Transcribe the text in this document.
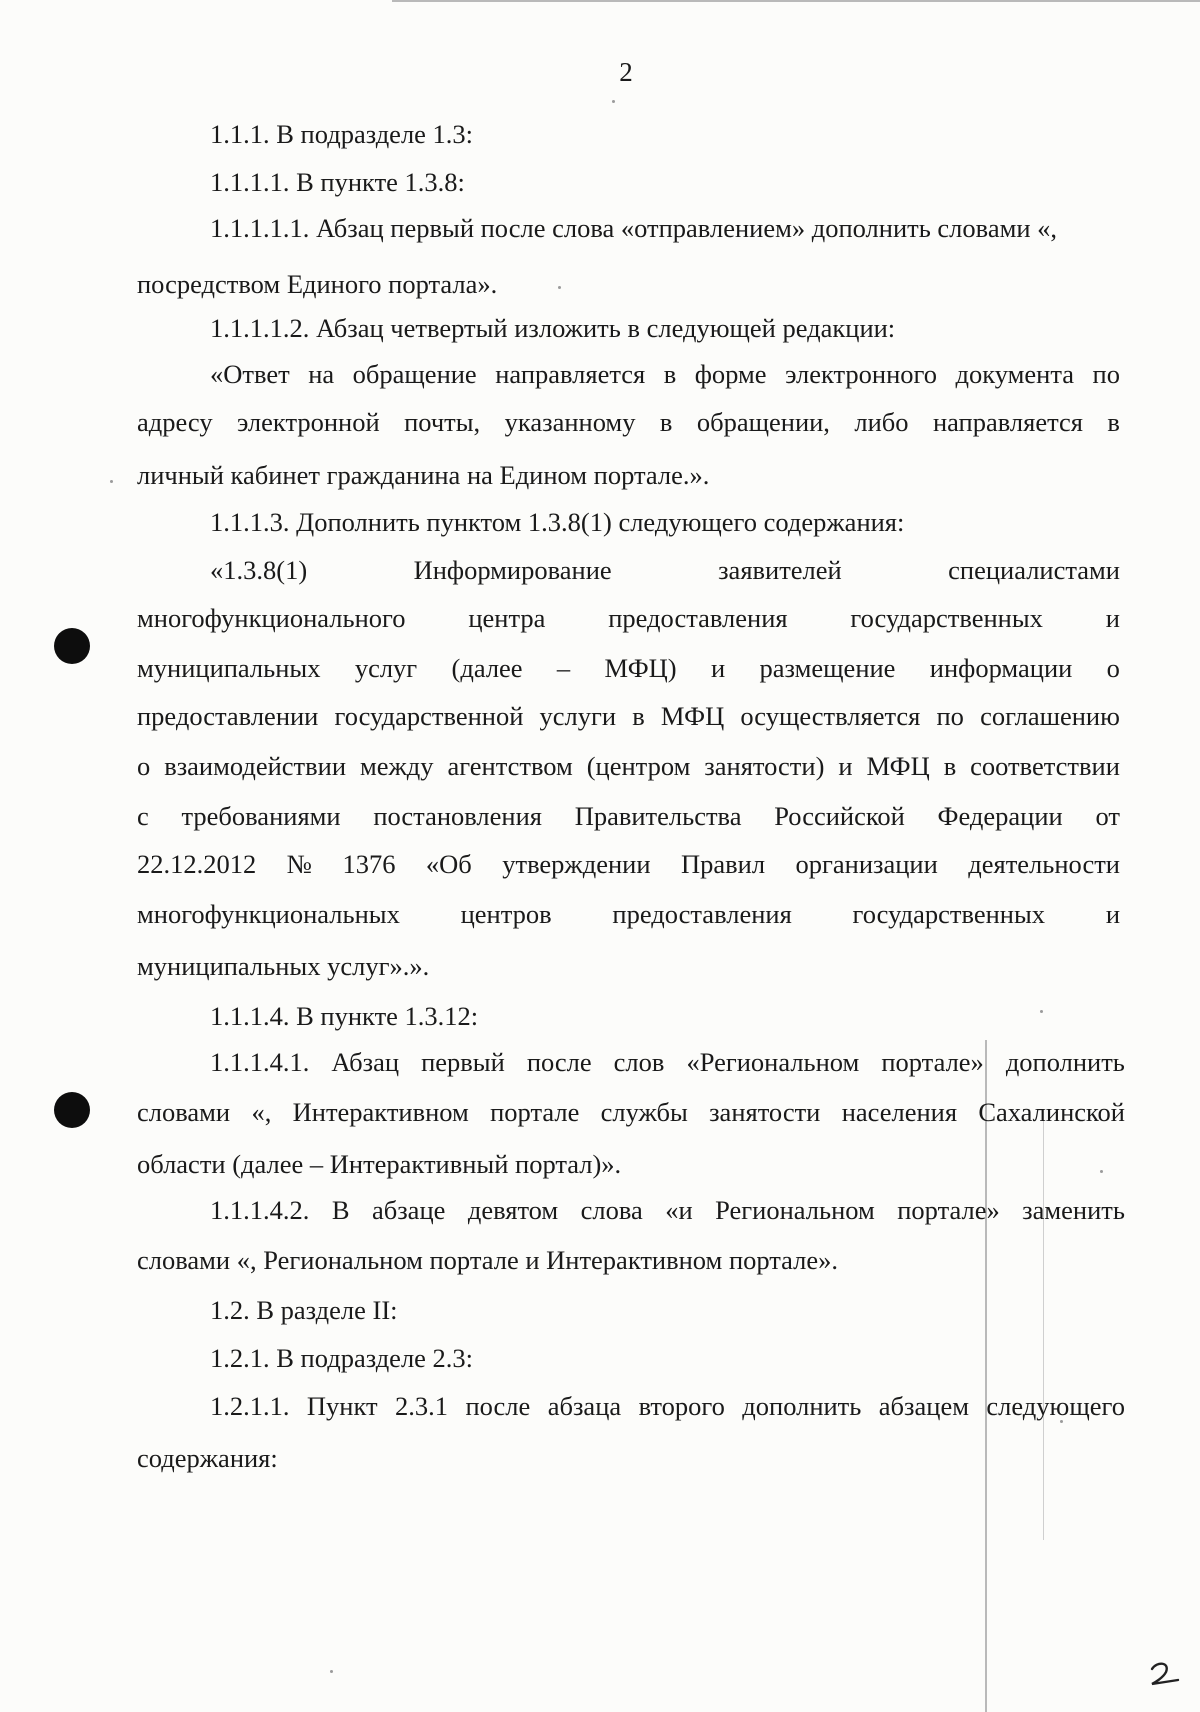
2

1.1.1. В подразделе 1.3:

1.1.1.1. В пункте 1.3.8:

1.1.1.1.1. Абзац первый после слова «отправлением» дополнить словами «,

посредством Единого портала».

1.1.1.1.2. Абзац четвертый изложить в следующей редакции:

«Ответ на обращение направляется в форме электронного документа по

адресу электронной почты, указанному в обращении, либо направляется в

личный кабинет гражданина на Едином портале.».

1.1.1.3. Дополнить пунктом 1.3.8(1) следующего содержания:

«1.3.8(1)	Информирование	заявителей	специалистами

многофункционального центра предоставления государственных и

муниципальных услуг (далее – МФЦ) и размещение информации о

предоставлении государственной услуги в МФЦ осуществляется по соглашению

о взаимодействии между агентством (центром занятости) и МФЦ в соответствии

с требованиями постановления Правительства Российской Федерации от

22.12.2012 № 1376 «Об утверждении Правил организации деятельности

многофункциональных центров предоставления государственных и

муниципальных услуг».».

1.1.1.4. В пункте 1.3.12:

1.1.1.4.1. Абзац первый после слов «Региональном портале» дополнить

словами «, Интерактивном портале службы занятости населения Сахалинской

области (далее – Интерактивный портал)».

1.1.1.4.2. В абзаце девятом слова «и Региональном портале» заменить

словами «, Региональном портале и Интерактивном портале».

1.2. В разделе II:

1.2.1. В подразделе 2.3:

1.2.1.1. Пункт 2.3.1 после абзаца второго дополнить абзацем следующего

содержания:
